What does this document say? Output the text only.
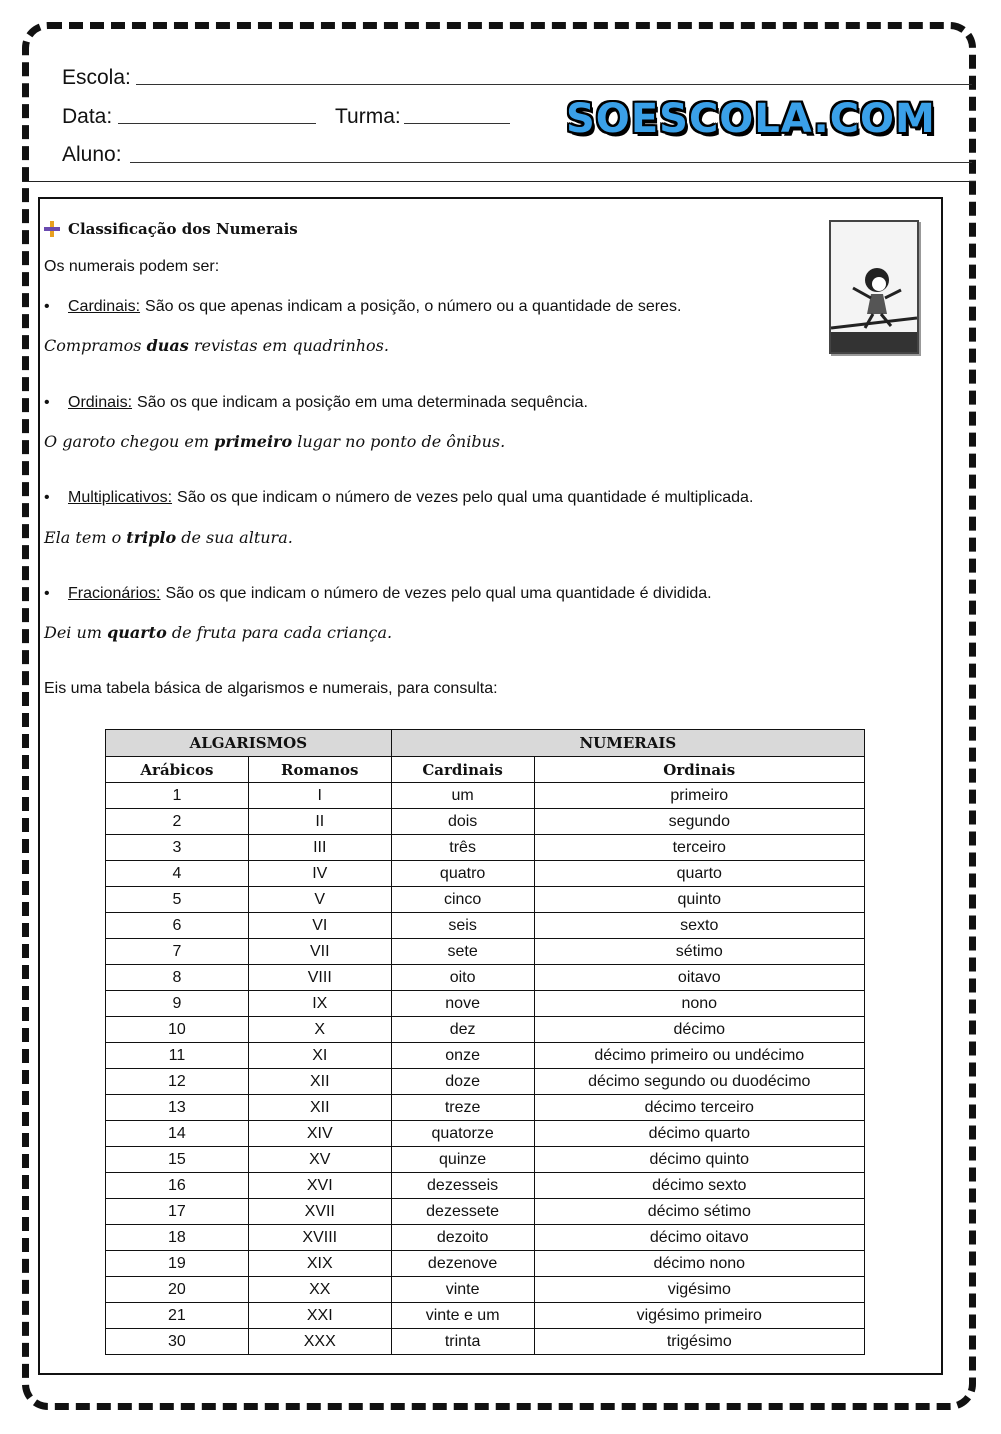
Escola:
Data:	Turma:
Aluno:
SOESCOLA.COM
Classificação dos Numerais
Os numerais podem ser:
•	Cardinais: São os que apenas indicam a posição, o número ou a quantidade de seres.
Compramos duas revistas em quadrinhos.
•	Ordinais: São os que indicam a posição em uma determinada sequência.
O garoto chegou em primeiro lugar no ponto de ônibus.
•	Multiplicativos: São os que indicam o número de vezes pelo qual uma quantidade é multiplicada.
Ela tem o triplo de sua altura.
•	Fracionários: São os que indicam o número de vezes pelo qual uma quantidade é dividida.
Dei um quarto de fruta para cada criança.
Eis uma tabela básica de algarismos e numerais, para consulta:
ALGARISMOS		NUMERAIS	
Arábicos	Romanos	Cardinais	Ordinais
1	I	um	primeiro
2	II	dois	segundo
3	III	três	terceiro
4	IV	quatro	quarto
5	V	cinco	quinto
6	VI	seis	sexto
7	VII	sete	sétimo
8	VIII	oito	oitavo
9	IX	nove	nono
10	X	dez	décimo
11	XI	onze	décimo primeiro ou undécimo
12	XII	doze	décimo segundo ou duodécimo
13	XII	treze	décimo terceiro
14	XIV	quatorze	décimo quarto
15	XV	quinze	décimo quinto
16	XVI	dezesseis	décimo sexto
17	XVII	dezessete	décimo sétimo
18	XVIII	dezoito	décimo oitavo
19	XIX	dezenove	décimo nono
20	XX	vinte	vigésimo
21	XXI	vinte e um	vigésimo primeiro
30	XXX	trinta	trigésimo
